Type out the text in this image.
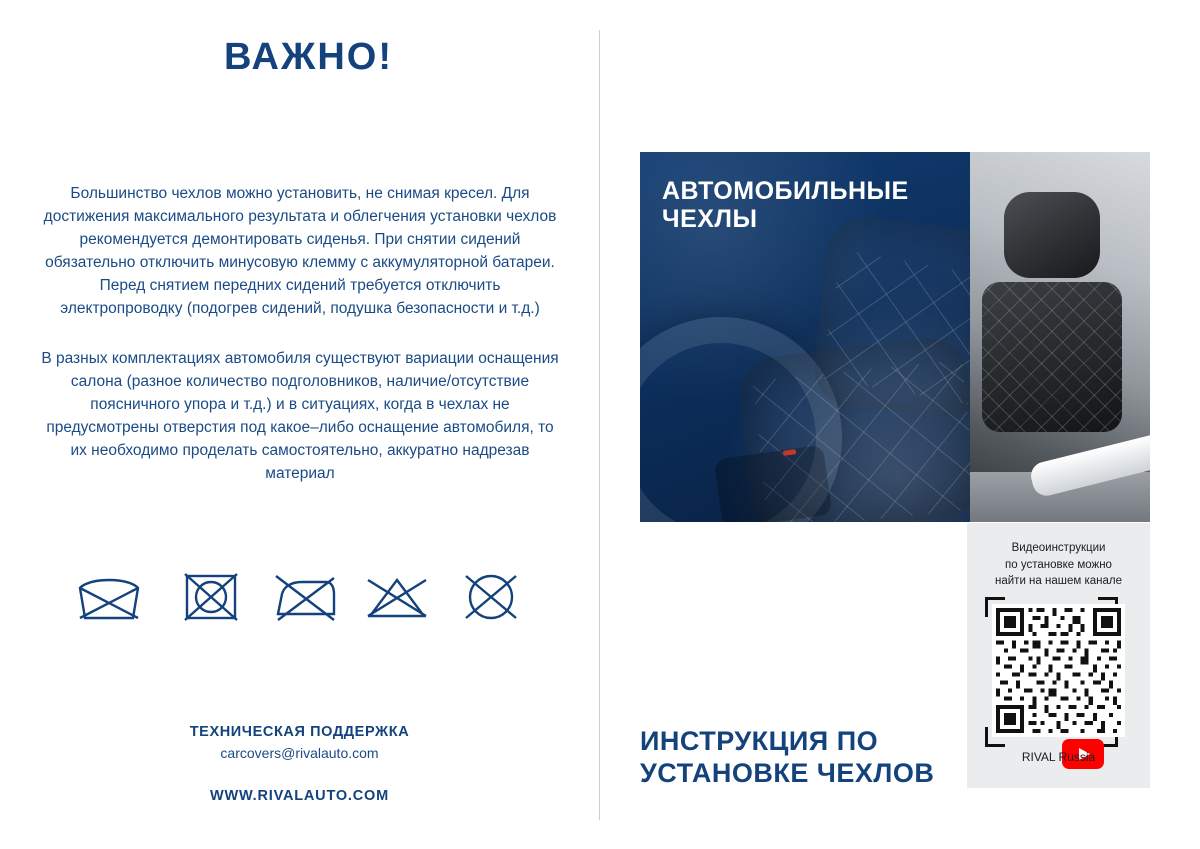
ВАЖНО!
Большинство чехлов можно установить, не снимая кресел. Для достижения максимального результата и облегчения установки чехлов рекомендуется демонтировать сиденья. При снятии сидений обязательно отключить минусовую клемму с аккумуляторной батареи. Перед снятием передних сидений требуется отключить электропроводку (подогрев сидений, подушка безопасности и т.д.)
В разных комплектациях автомобиля существуют вариации оснащения салона (разное количество подголовников, наличие/отсутствие поясничного упора и т.д.) и в ситуациях, когда в чехлах не предусмотрены отверстия под какое–либо оснащение автомобиля, то их необходимо проделать самостоятельно, аккуратно надрезав материал
ТЕХНИЧЕСКАЯ ПОДДЕРЖКА
carcovers@rivalauto.com
WWW.RIVALAUTO.COM
АВТОМОБИЛЬНЫЕ
ЧЕХЛЫ
Видеоинструкции
по установке можно
найти на нашем канале
RIVAL Russia
ИНСТРУКЦИЯ ПО
УСТАНОВКЕ ЧЕХЛОВ
